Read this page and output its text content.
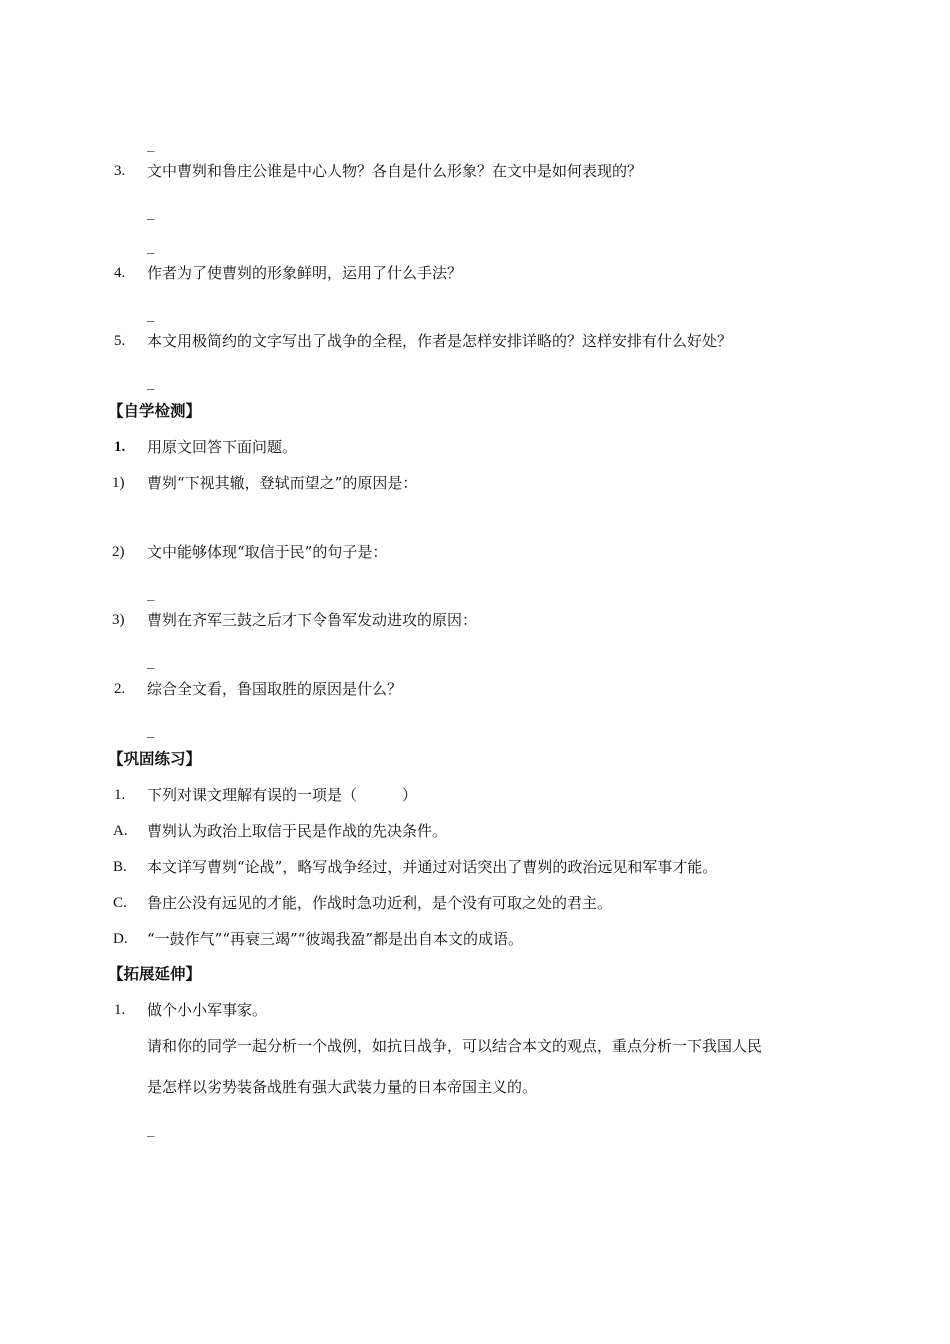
_
3. 文中曹刿和鲁庄公谁是中心人物？各自是什么形象？在文中是如何表现的？
_
_
4. 作者为了使曹刿的形象鲜明，运用了什么手法？
_
5. 本文用极简约的文字写出了战争的全程，作者是怎样安排详略的？这样安排有什么好处？
_
【自学检测】
1. 用原文回答下面问题。
1) 曹刿“下视其辙，登轼而望之”的原因是：
2) 文中能够体现“取信于民”的句子是：
_
3) 曹刿在齐军三鼓之后才下令鲁军发动进攻的原因：
_
2. 综合全文看，鲁国取胜的原因是什么？
_
【巩固练习】
1. 下列对课文理解有误的一项是（　　　）
A. 曹刿认为政治上取信于民是作战的先决条件。
B. 本文详写曹刿“论战”，略写战争经过，并通过对话突出了曹刿的政治远见和军事才能。
C. 鲁庄公没有远见的才能，作战时急功近利，是个没有可取之处的君主。
D. “一鼓作气”“再衰三竭”“彼竭我盈”都是出自本文的成语。
【拓展延伸】
1. 做个小小军事家。
请和你的同学一起分析一个战例，如抗日战争，可以结合本文的观点，重点分析一下我国人民
是怎样以劣势装备战胜有强大武装力量的日本帝国主义的。
_
